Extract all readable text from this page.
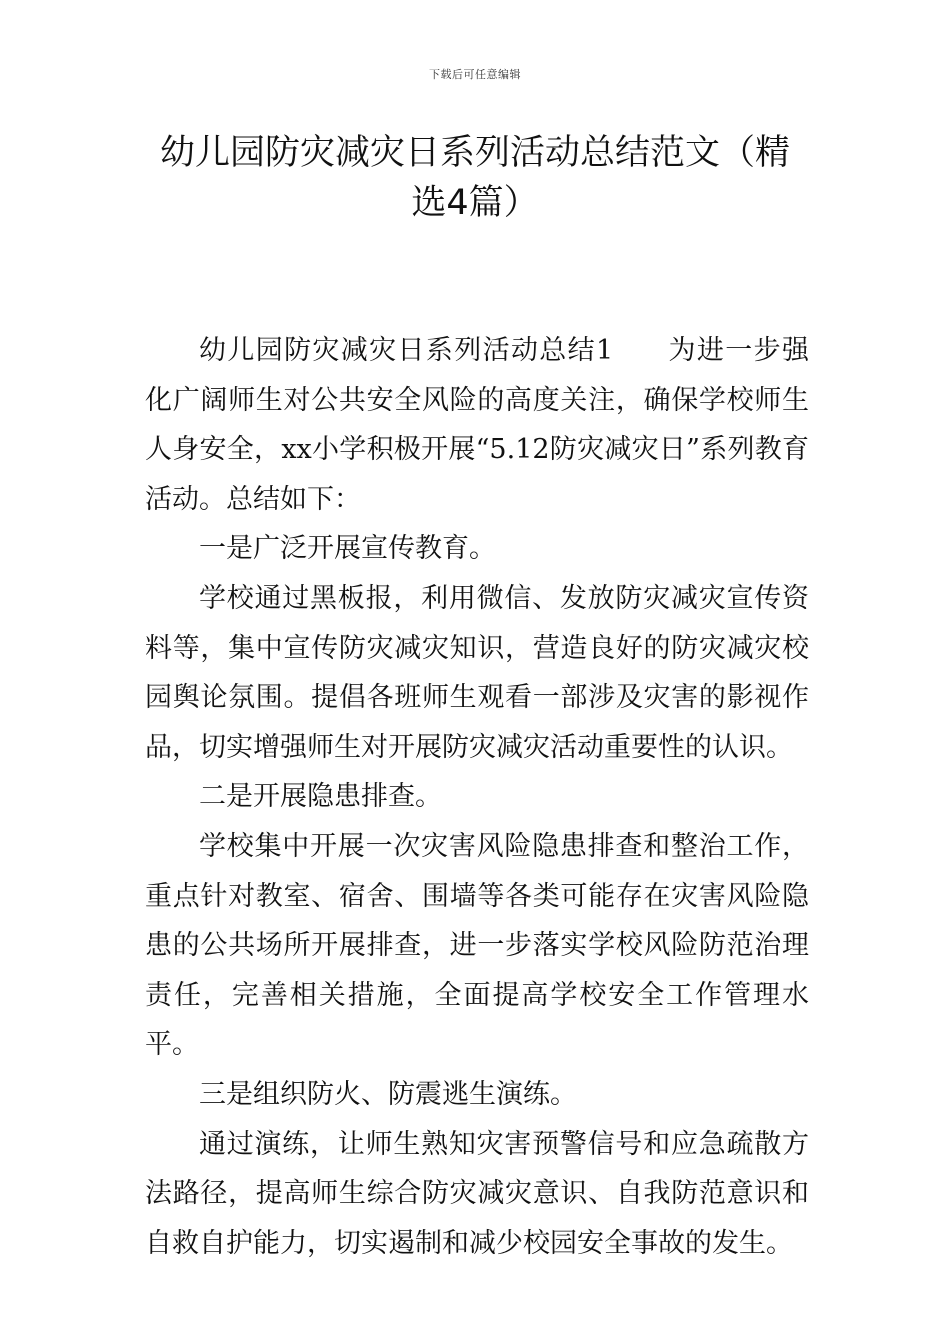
下载后可任意编辑
幼儿园防灾减灾日系列活动总结范文（精
选4篇）

幼儿园防灾减灾日系列活动总结1 为进一步强化广阔师生对公共安全风险的高度关注，确保学校师生人身安全，xx小学积极开展“5.12防灾减灾日”系列教育活动。总结如下：

一是广泛开展宣传教育。

学校通过黑板报，利用微信、发放防灾减灾宣传资料等，集中宣传防灾减灾知识，营造良好的防灾减灾校园舆论氛围。提倡各班师生观看一部涉及灾害的影视作品，切实增强师生对开展防灾减灾活动重要性的认识。

二是开展隐患排查。

学校集中开展一次灾害风险隐患排查和整治工作，重点针对教室、宿舍、围墙等各类可能存在灾害风险隐患的公共场所开展排查，进一步落实学校风险防范治理责任，完善相关措施，全面提高学校安全工作管理水平。

三是组织防火、防震逃生演练。

通过演练，让师生熟知灾害预警信号和应急疏散方法路径，提高师生综合防灾减灾意识、自我防范意识和自救自护能力，切实遏制和减少校园安全事故的发生。
